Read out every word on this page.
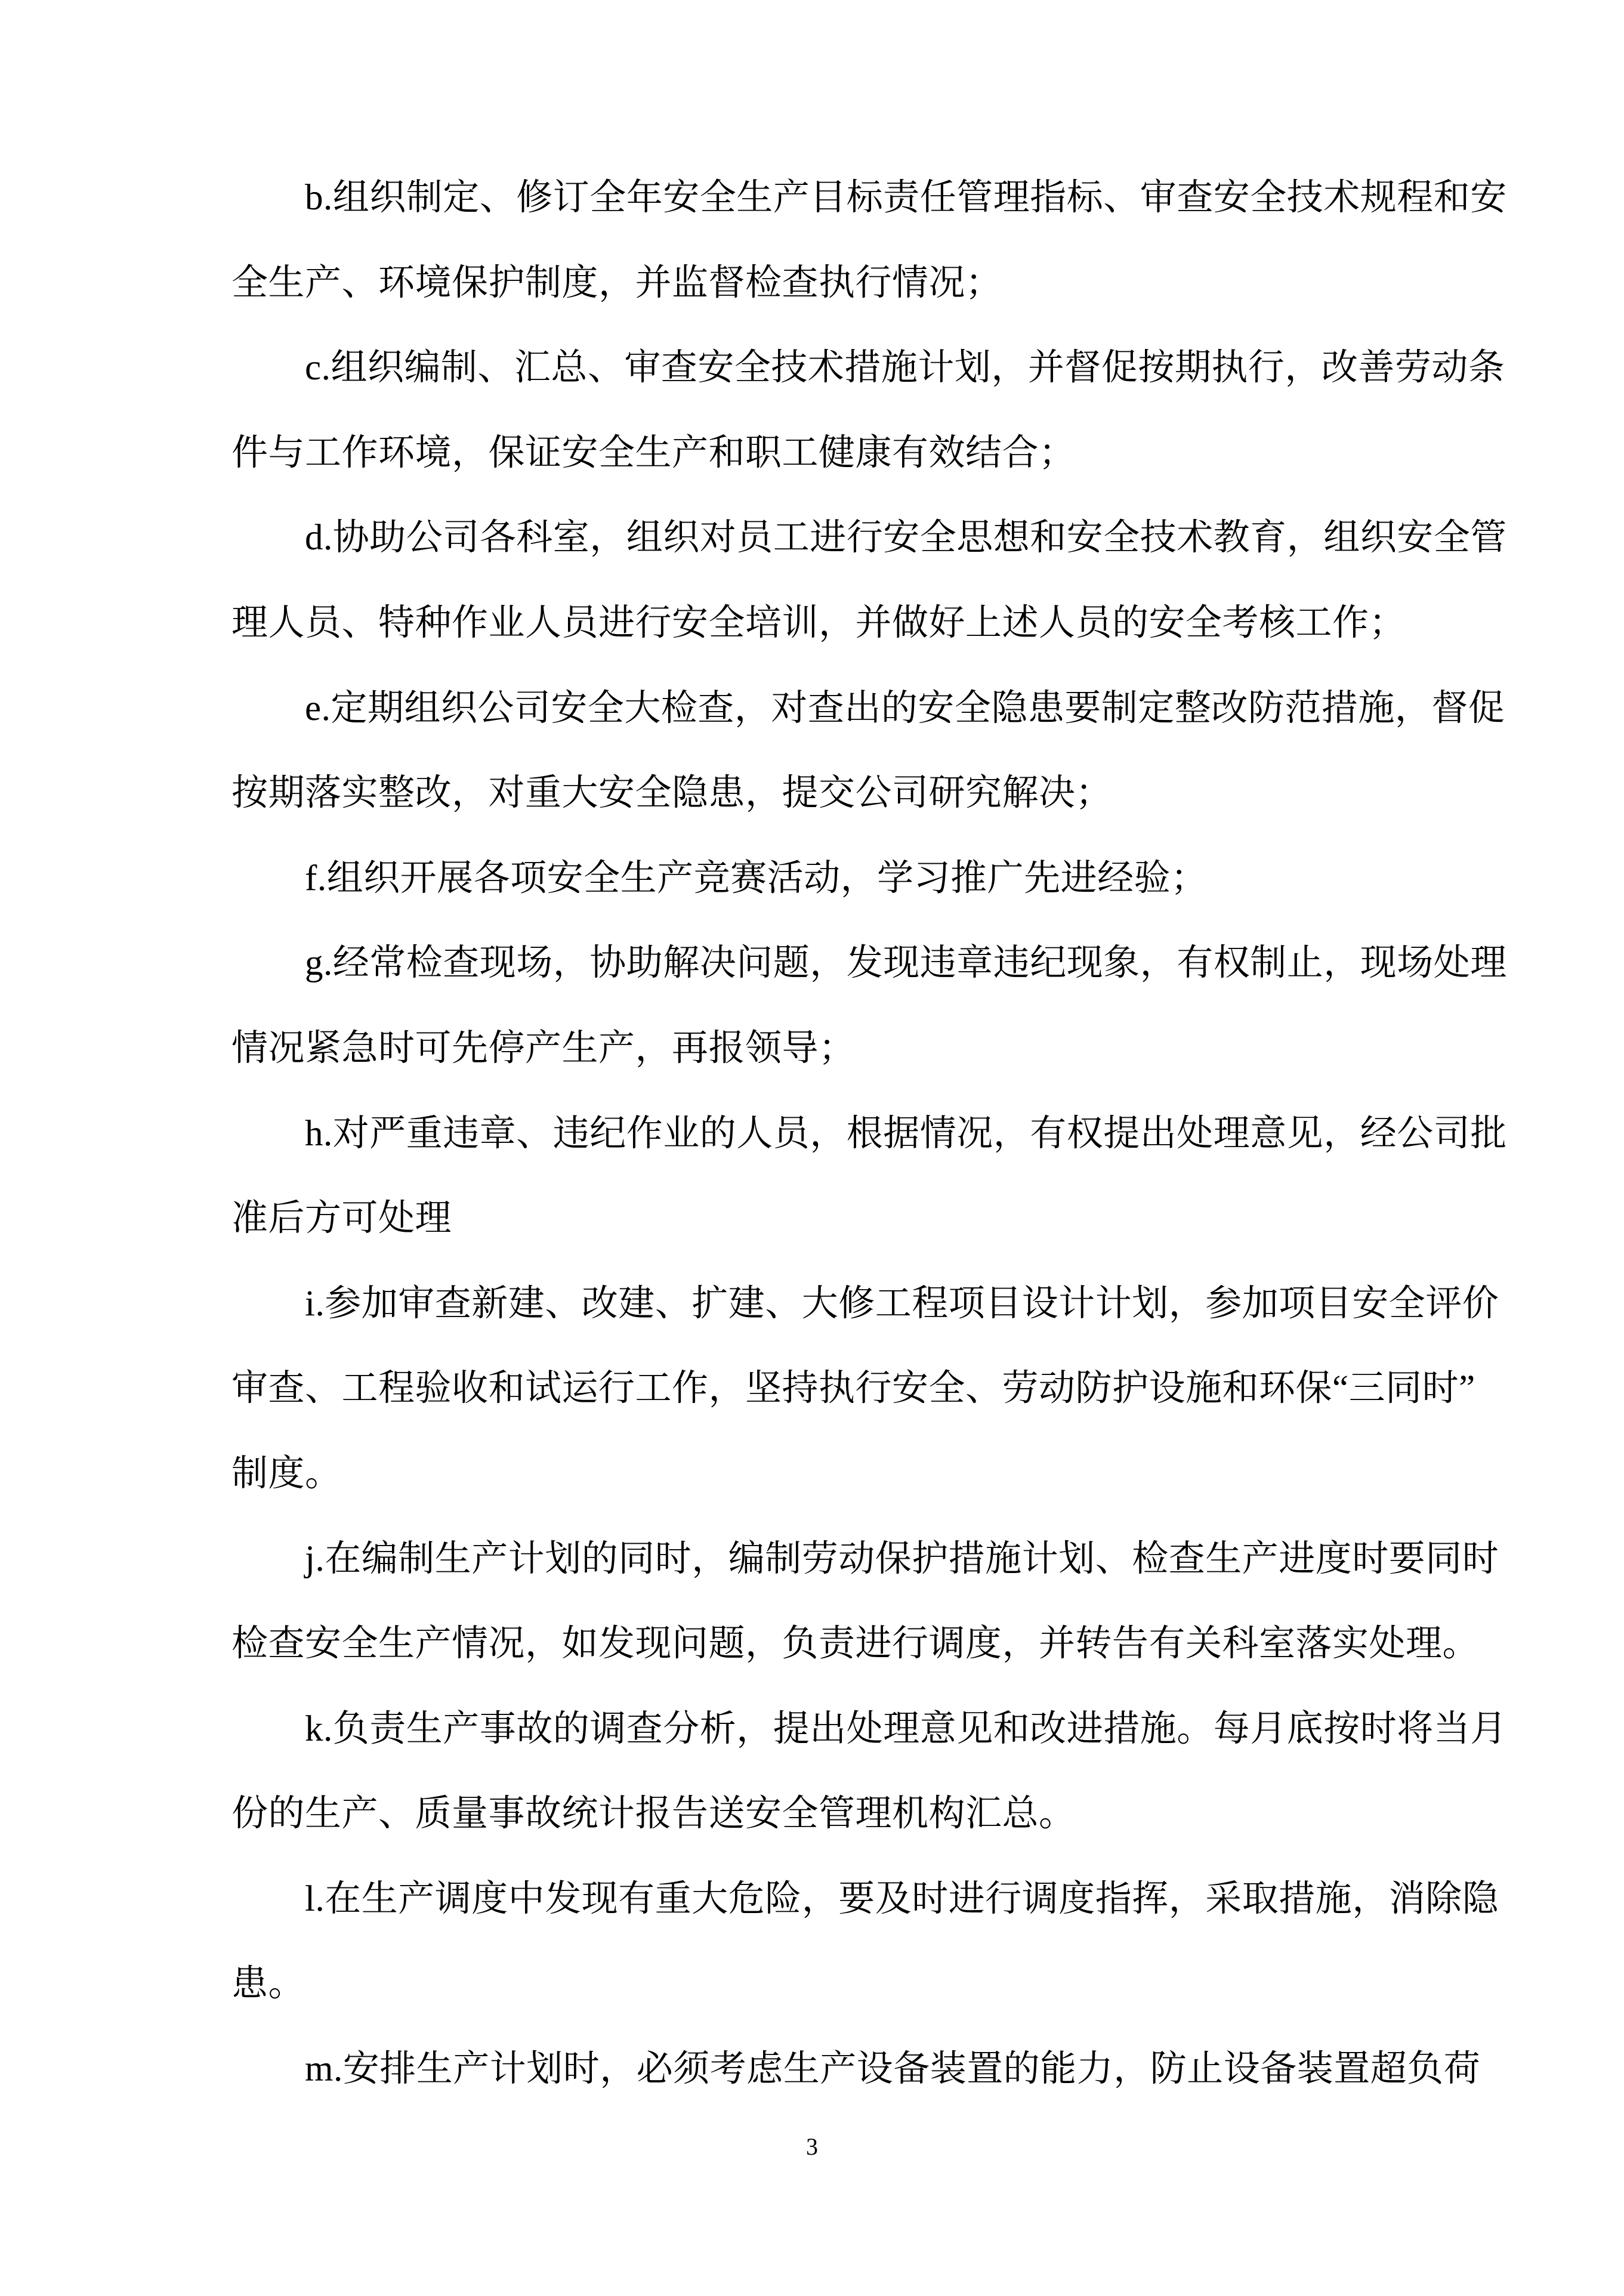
b.组织制定、修订全年安全生产目标责任管理指标、审查安全技术规程和安
全生产、环境保护制度，并监督检查执行情况；
c.组织编制、汇总、审查安全技术措施计划，并督促按期执行，改善劳动条
件与工作环境，保证安全生产和职工健康有效结合；
d.协助公司各科室，组织对员工进行安全思想和安全技术教育，组织安全管
理人员、特种作业人员进行安全培训，并做好上述人员的安全考核工作；
e.定期组织公司安全大检查，对查出的安全隐患要制定整改防范措施，督促
按期落实整改，对重大安全隐患，提交公司研究解决；
f.组织开展各项安全生产竞赛活动，学习推广先进经验；
g.经常检查现场，协助解决问题，发现违章违纪现象，有权制止，现场处理
情况紧急时可先停产生产，再报领导；
h.对严重违章、违纪作业的人员，根据情况，有权提出处理意见，经公司批
准后方可处理
i.参加审查新建、改建、扩建、大修工程项目设计计划，参加项目安全评价
审查、工程验收和试运行工作，坚持执行安全、劳动防护设施和环保“三同时”
制度。
j.在编制生产计划的同时，编制劳动保护措施计划、检查生产进度时要同时
检查安全生产情况，如发现问题，负责进行调度，并转告有关科室落实处理。
k.负责生产事故的调查分析，提出处理意见和改进措施。每月底按时将当月
份的生产、质量事故统计报告送安全管理机构汇总。
l.在生产调度中发现有重大危险，要及时进行调度指挥，采取措施，消除隐
患。
m.安排生产计划时，必须考虑生产设备装置的能力，防止设备装置超负荷
3
